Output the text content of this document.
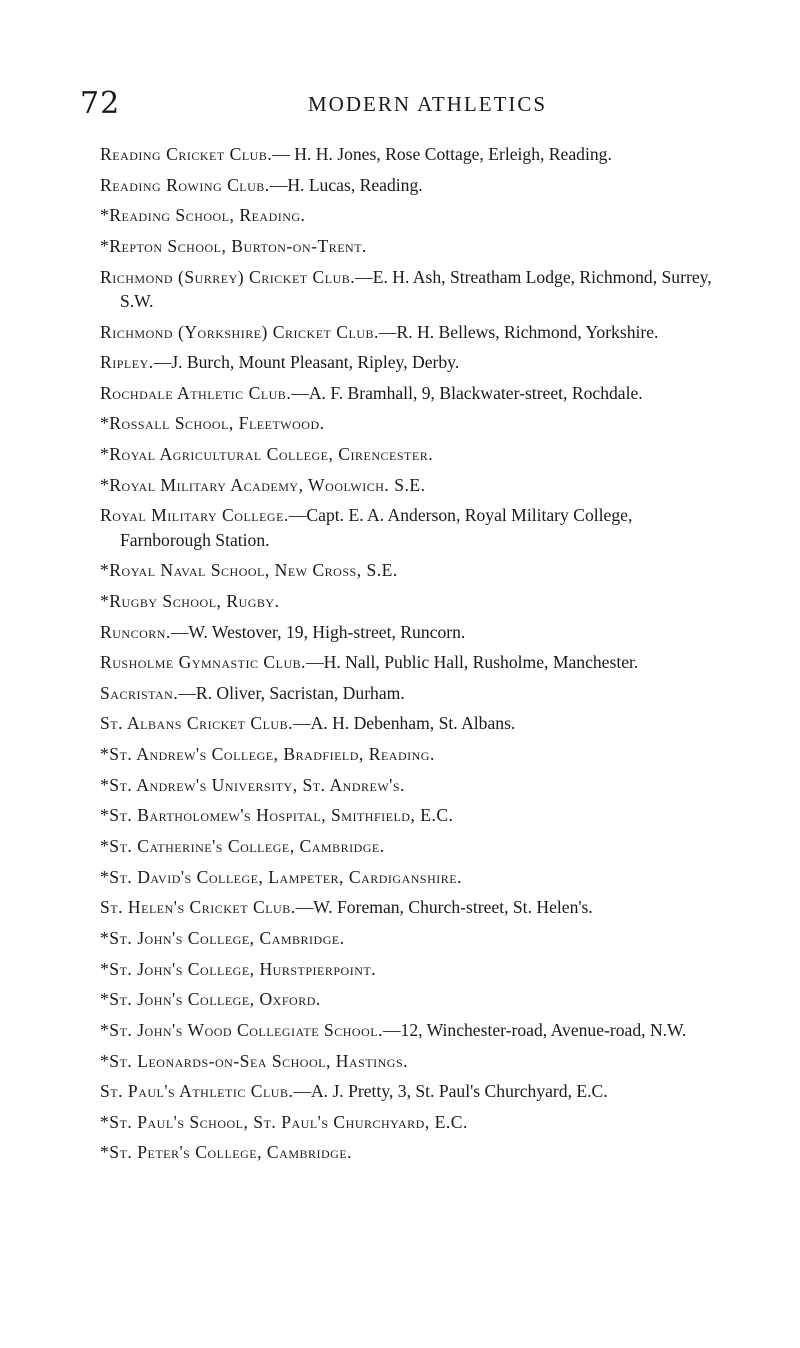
72	MODERN ATHLETICS

Reading Cricket Club.— H. H. Jones, Rose Cottage, Erleigh, Reading.

Reading Rowing Club.—H. Lucas, Reading.

*Reading School, Reading.

*Repton School, Burton-on-Trent.

Richmond (Surrey) Cricket Club.—E. H. Ash, Streatham Lodge, Richmond, Surrey, S.W.

Richmond (Yorkshire) Cricket Club.—R. H. Bellews, Richmond, Yorkshire.

Ripley.—J. Burch, Mount Pleasant, Ripley, Derby.

Rochdale Athletic Club.—A. F. Bramhall, 9, Blackwater-street, Rochdale.

*Rossall School, Fleetwood.

*Royal Agricultural College, Cirencester.

*Royal Military Academy, Woolwich. S.E.

Royal Military College.—Capt. E. A. Anderson, Royal Military College, Farnborough Station.

*Royal Naval School, New Cross, S.E.

*Rugby School, Rugby.

Runcorn.—W. Westover, 19, High-street, Runcorn.

Rusholme Gymnastic Club.—H. Nall, Public Hall, Rusholme, Manchester.

Sacristan.—R. Oliver, Sacristan, Durham.

St. Albans Cricket Club.—A. H. Debenham, St. Albans.

*St. Andrew's College, Bradfield, Reading.

*St. Andrew's University, St. Andrew's.

*St. Bartholomew's Hospital, Smithfield, E.C.

*St. Catherine's College, Cambridge.

*St. David's College, Lampeter, Cardiganshire.

St. Helen's Cricket Club.—W. Foreman, Church-street, St. Helen's.

*St. John's College, Cambridge.

*St. John's College, Hurstpierpoint.

*St. John's College, Oxford.

*St. John's Wood Collegiate School.—12, Winchester-road, Avenue-road, N.W.

*St. Leonards-on-Sea School, Hastings.

St. Paul's Athletic Club.—A. J. Pretty, 3, St. Paul's Churchyard, E.C.

*St. Paul's School, St. Paul's Churchyard, E.C.

*St. Peter's College, Cambridge.
